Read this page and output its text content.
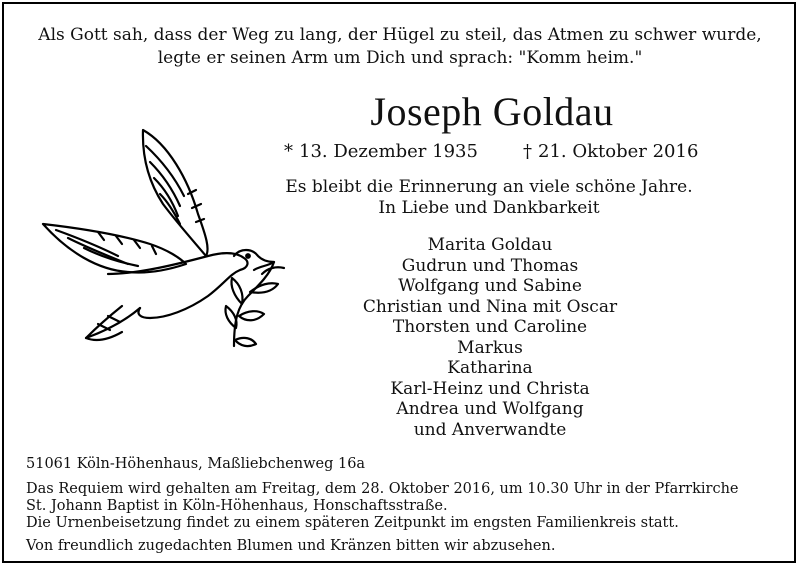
Als Gott sah, dass der Weg zu lang, der Hügel zu steil, das Atmen zu schwer wurde,
legte er seinen Arm um Dich und sprach: "Komm heim."
Joseph Goldau
* 13. Dezember 1935	† 21. Oktober 2016
Es bleibt die Erinnerung an viele schöne Jahre.
In Liebe und Dankbarkeit
Marita Goldau
Gudrun und Thomas
Wolfgang und Sabine
Christian und Nina mit Oscar
Thorsten und Caroline
Markus
Katharina
Karl-Heinz und Christa
Andrea und Wolfgang
und Anverwandte
51061 Köln-Höhenhaus, Maßliebchenweg 16a
Das Requiem wird gehalten am Freitag, dem 28. Oktober 2016, um 10.30 Uhr in der Pfarrkirche
St. Johann Baptist in Köln-Höhenhaus, Honschaftsstraße.
Die Urnenbeisetzung findet zu einem späteren Zeitpunkt im engsten Familienkreis statt.
Von freundlich zugedachten Blumen und Kränzen bitten wir abzusehen.
